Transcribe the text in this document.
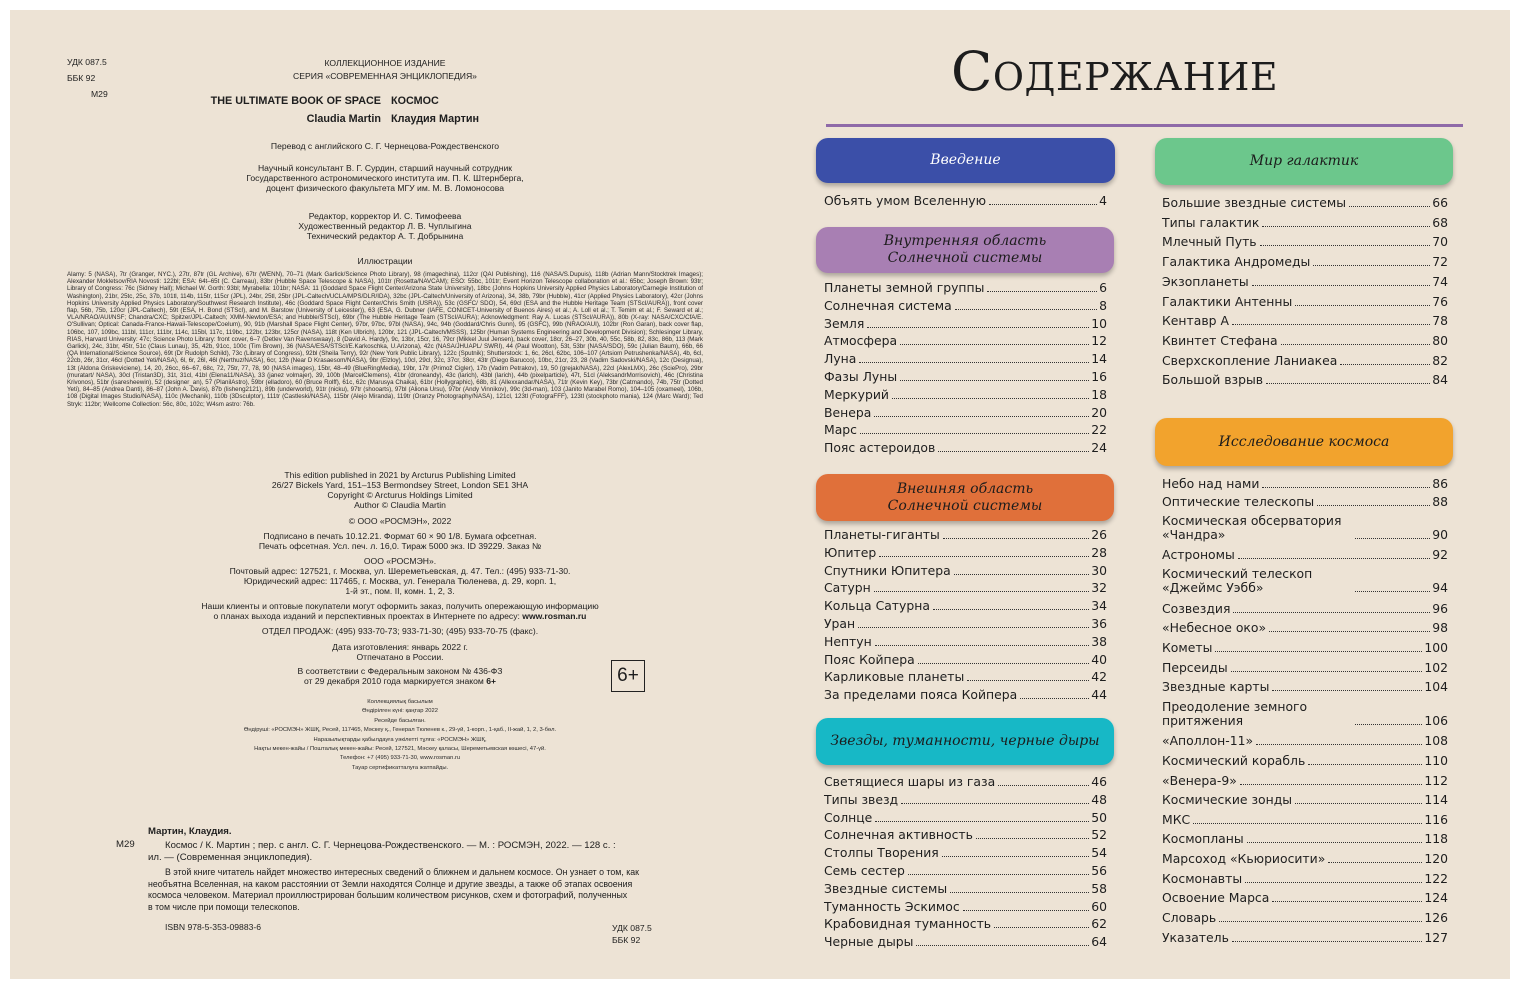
УДК 087.5
ББК 92
М29
КОЛЛЕКЦИОННОЕ ИЗДАНИЕ
СЕРИЯ «СОВРЕМЕННАЯ ЭНЦИКЛОПЕДИЯ»
THE ULTIMATE BOOK OF SPACE
Claudia Martin
КОСМОС
Клаудия Мартин
Перевод с английского С. Г. Чернецова-Рождественского
Научный консультант В. Г. Сурдин, старший научный сотрудник
Государственного астрономического института им. П. К. Штернберга,
доцент физического факультета МГУ им. М. В. Ломоносова
Редактор, корректор И. С. Тимофеева
Художественный редактор Л. В. Чуплыгина
Технический редактор А. Т. Добрынина
Иллюстрации
Alamy: 5 (NASA), 7tr (Granger, NYC.), 27tr, 87tr (GL Archive), 67tr (WENN), 70–71 (Mark Garlick/Science Photo Library), 98 (imagechina), 112cr (QAI Publishing), 116 (NASA/S.Dupuis), 118b (Adrian Mann/Stocktrek Images); Alexander Mokletsov/RIA Novosti: 122bl; ESA: 64t–65t (C. Carreau), 83br (Hubble Space Telescope & NASA), 101tr (Rosetta/NAVCAM); ESO: 55bc, 101tr; Event Horizon Telescope collaboration et al.: 65bc; Joseph Brown: 93tr; Library of Congress: 76c (Sidney Hall); Michael W. Gorth: 93bl; Myrabella: 101br; NASA: 11 (Goddard Space Flight Center/Arizona State University), 18bc (Johns Hopkins University Applied Physics Laboratory/Carnegie Institution of Washington), 21br, 25tc, 25c, 37b, 101tl, 114b, 115tr, 115cr (JPL), 24br, 25tl, 25br (JPL-Caltech/UCLA/MPS/DLR/IDA), 32bc (JPL-Caltech/University of Arizona), 34, 38b, 79br (Hubble), 41cr (Applied Physics Laboratory), 42cr (Johns Hopkins University Applied Physics Laboratory/Southwest Research Institute), 46c (Goddard Space Flight Center/Chris Smith (USRA)), 53c (GSFC/ SDO), 54, 69cl (ESA and the Hubble Heritage Team (STScI/AURA)), front cover flap, 56b, 75b, 120cr (JPL-Caltech), 59t (ESA, H. Bond (STScI), and M. Barstow (University of Leicester)), 63 (ESA, G. Dubner (IAFE, CONICET-University of Buenos Aires) et al.; A. Loll et al.; T. Temim et al.; F. Seward et al.; VLA/NRAO/AUI/NSF; Chandra/CXC; Spitzer/JPL-Caltech; XMM-Newton/ESA; and Hubble/STScI), 69br (The Hubble Heritage Team (STScI/AURA); Acknowledgment: Ray A. Lucas (STScI/AURA)), 80b (X-ray: NASA/CXC/CfA/E. O'Sullivan; Optical: Canada-France-Hawaii-Telescope/Coelum), 90, 91b (Marshall Space Flight Center), 97br, 97bc, 97bl (NASA), 94c, 94b (Goddard/Chris Gunn), 95 (GSFC), 99b (NRAO/AUI), 102br (Ron Garan), back cover flap, 106bc, 107, 109bc, 111bl, 111cr, 111br, 114c, 115bl, 117c, 119bc, 122br, 123br, 125cr (NASA), 118t (Ken Ulbrich), 120br, 121 (JPL-Caltech/MSSS), 125br (Human Systems Engineering and Development Division); Schlesinger Library, RIAS, Harvard University: 47c; Science Photo Library: front cover, 6–7 (Detlev Van Ravenswaay), 8 (David A. Hardy), 9c, 13br, 15cr, 16, 79cr (Mikkel Juul Jensen), back cover, 18cr, 26–27, 30b, 40, 55c, 58b, 82, 83c, 86b, 113 (Mark Garlick), 24c, 31br, 45tr, 51c (Claus Lunau), 35, 42b, 91cc, 100c (Tim Brown), 36 (NASA/ESA/STScI/E.Karkoschka, U.Arizona), 42c (NASA/JHUAPL/ SWRI), 44 (Paul Wootton), 53t, 53br (NASA/SDO), 59c (Julian Baum), 66b, 66 (QA International/Science Source), 69t (Dr Rudolph Schild), 73c (Library of Congress), 92bl (Sheila Terry), 92r (New York Public Library), 122c (Sputnik); Shutterstock: 1, 6c, 26cl, 62bc, 106–107 (Artsiom Petrushenka/NASA), 4b, 6cl, 22cb, 26r, 31cr, 46cl (Dotted Yeti/NASA), 6l, 6r, 26l, 46l (Nerthuz/NASA), 6cr, 12b (Near D Krasaesom/NASA), 9br (Elzloy), 10cl, 29cl, 32c, 37cr, 38cr, 43tr (Diego Barucco), 10bc, 21cr, 23, 28 (Vadim Sadovski/NASA), 12c (Designua), 13t (Aldona Griskeviciene), 14, 20, 26cc, 66–67, 68c, 72, 75tr, 77, 78, 90 (NASA images), 15br, 48–49 (BlueRingMedia), 19br, 17tr (Primož Cigler), 17b (Vadim Petrakov), 19, 50 (grejak/NASA), 22cl (AlexLMX), 26c (SciePro), 29br (muratart/ NASA), 30cl (Tristan3D), 31t, 31cl, 41bl (Elena11/NASA), 33 (janez volmajer), 39, 100b (MarcelClemens), 41br (droneandy), 43c (larich), 43bl (larich), 44b (pixelparticle), 47t, 51cl (AleksandrMorrisovich), 46c (Christina Krivonos), 51br (isaresheewin), 52 (designer_an), 57 (PlanilAstro), 59br (elladoro), 60 (Bruce Rolff), 61c, 62c (Marusya Chaika), 61br (Hollygraphic), 68b, 81 (Allexxandar/NASA), 71tr (Kevin Key), 73br (Catmando), 74b, 75tr (Dotted Yeti), 84–85 (Andrea Danti), 86–87 (John A. Davis), 87b (lisheng2121), 89b (underworld), 91tr (nicku), 97tr (shooarts), 97bl (Aliona Ursu), 97br (Andy Vinnikov), 99c (3d-man), 103 (Janito Marabel Romo), 104–105 (oxameel), 106b, 108 (Digital Images Studio/NASA), 110c (Mechanik), 110b (3Dsculptor), 111tr (Castleski/NASA), 115br (Alejo Miranda), 119tr (Oranzy Photography/NASA), 121cl, 123tl (FotograFFF), 123tl (stockphoto mania), 124 (Marc Ward); Ted Stryk: 112br; Wellcome Collection: 56c, 80c, 102c; W4sm astro: 76b.
This edition published in 2021 by Arcturus Publishing Limited
26/27 Bickels Yard, 151–153 Bermondsey Street, London SE1 3HA
Copyright © Arcturus Holdings Limited
Author © Claudia Martin
© ООО «РОСМЭН», 2022
Подписано в печать 10.12.21. Формат 60 × 90 1/8. Бумага офсетная.
Печать офсетная. Усл. печ. л. 16,0. Тираж 5000 экз. ID 39229. Заказ №
ООО «РОСМЭН».
Почтовый адрес: 127521, г. Москва, ул. Шереметьевская, д. 47. Тел.: (495) 933-71-30.
Юридический адрес: 117465, г. Москва, ул. Генерала Тюленева, д. 29, корп. 1,
1-й эт., пом. II, комн. 1, 2, 3.
Наши клиенты и оптовые покупатели могут оформить заказ, получить опережающую информацию
о планах выхода изданий и перспективных проектах в Интернете по адресу: www.rosman.ru
ОТДЕЛ ПРОДАЖ: (495) 933-70-73; 933-71-30; (495) 933-70-75 (факс).
Дата изготовления: январь 2022 г.
Отпечатано в России.
В соответствии с Федеральным законом № 436-ФЗ
от 29 декабря 2010 года маркируется знаком 6+	6+
Коллекциялық басылым
Өндірілген күні: қаңтар 2022
Ресейде басылған.
Өндіруші: «РОСМЭН» ЖШҚ, Ресей, 117465, Мәскеу қ., Генерал Тюленев к., 29-үй, 1-корп., 1-қаб., II-жай, 1, 2, 3-бөл.
Наразылықтарды қабылдауға уәкілетті тұлға: «РОСМЭН» ЖШҚ,
Нақты мекен-жайы / Пошталық мекен-жайы: Ресей, 127521, Мәскеу қаласы, Шереметьевская көшесі, 47-үй.
Телефон: +7 (495) 933-71-30, www.rosman.ru
Тауар сертификатталуға жатпайды.
Мартин, Клаудия.
М29	Космос / К. Мартин ; пер. с англ. С. Г. Чернецова-Рождественского. — М. : РОСМЭН, 2022. — 128 с. :
ил. — (Современная энциклопедия).
В этой книге читатель найдет множество интересных сведений о ближнем и дальнем космосе. Он узнает о том, как
необъятна Вселенная, на каком расстоянии от Земли находятся Солнце и другие звезды, а также об этапах освоения
космоса человеком. Материал проиллюстрирован большим количеством рисунков, схем и фотографий, полученных
в том числе при помощи телескопов.
ISBN 978-5-353-09883-6	УДК 087.5
ББК 92
Содержание
Введение
Внутренняя область Солнечной системы
Внешняя область Солнечной системы
Звезды, туманности, черные дыры
Мир галактик
Исследование космоса
Объять умом Вселенную	4
Планеты земной группы	6
Солнечная система	8
Земля	10
Атмосфера	12
Луна	14
Фазы Луны	16
Меркурий	18
Венера	20
Марс	22
Пояс астероидов	24
Планеты-гиганты	26
Юпитер	28
Спутники Юпитера	30
Сатурн	32
Кольца Сатурна	34
Уран	36
Нептун	38
Пояс Койпера	40
Карликовые планеты	42
За пределами пояса Койпера	44
Светящиеся шары из газа	46
Типы звезд	48
Солнце	50
Солнечная активность	52
Столпы Творения	54
Семь сестер	56
Звездные системы	58
Туманность Эскимос	60
Крабовидная туманность	62
Черные дыры	64
Большие звездные системы	66
Типы галактик	68
Млечный Путь	70
Галактика Андромеды	72
Экзопланеты	74
Галактики Антенны	76
Кентавр А	78
Квинтет Стефана	80
Сверхскопление Ланиакеа	82
Большой взрыв	84
Небо над нами	86
Оптические телескопы	88
Космическая обсерватория «Чандра»	90
Астрономы	92
Космический телескоп «Джеймс Уэбб»	94
Созвездия	96
«Небесное око»	98
Кометы	100
Персеиды	102
Звездные карты	104
Преодоление земного притяжения	106
«Аполлон-11»	108
Космический корабль	110
«Венера-9»	112
Космические зонды	114
МКС	116
Космопланы	118
Марсоход «Кьюриосити»	120
Космонавты	122
Освоение Марса	124
Словарь	126
Указатель	127
